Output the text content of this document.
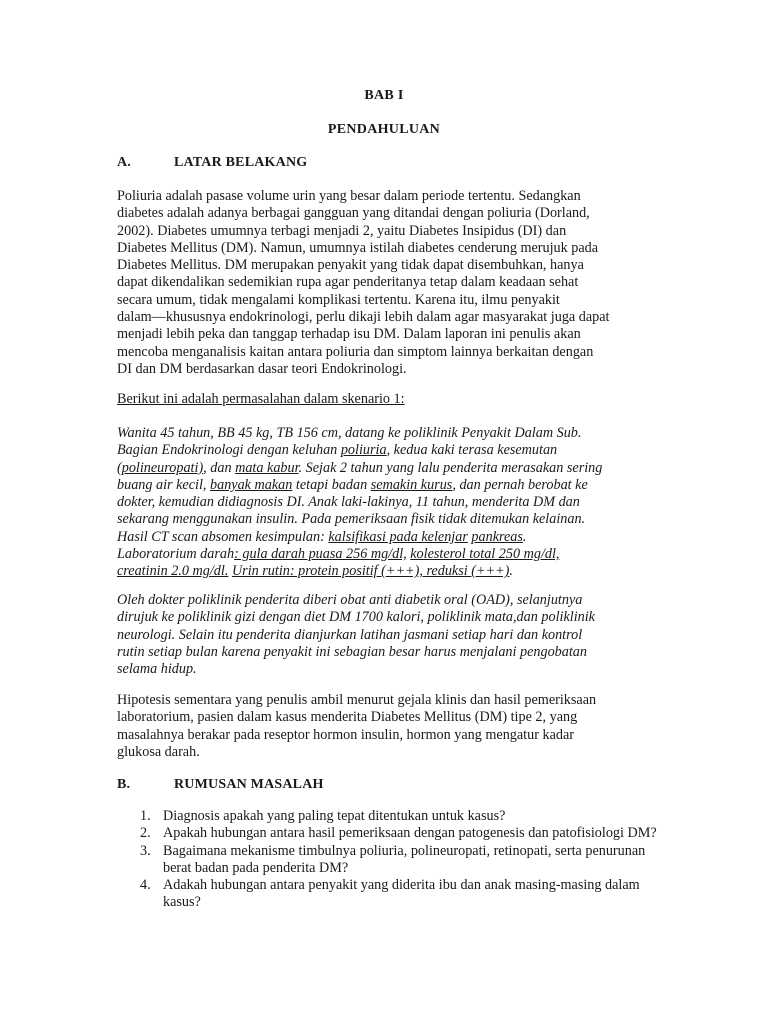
BAB I
PENDAHULUAN
A.	LATAR BELAKANG
Poliuria adalah pasase volume urin yang besar dalam periode tertentu. Sedangkan
diabetes adalah adanya berbagai gangguan yang ditandai dengan poliuria (Dorland,
2002). Diabetes umumnya terbagi menjadi 2, yaitu Diabetes Insipidus (DI) dan
Diabetes Mellitus (DM). Namun, umumnya istilah diabetes cenderung merujuk pada
Diabetes Mellitus. DM merupakan penyakit yang tidak dapat disembuhkan, hanya
dapat dikendalikan sedemikian rupa agar penderitanya tetap dalam keadaan sehat
secara umum, tidak mengalami komplikasi tertentu. Karena itu, ilmu penyakit
dalam—khususnya endokrinologi, perlu dikaji lebih dalam agar masyarakat juga dapat
menjadi lebih peka dan tanggap terhadap isu DM. Dalam laporan ini penulis akan
mencoba menganalisis kaitan antara poliuria dan simptom lainnya berkaitan dengan
DI dan DM berdasarkan dasar teori Endokrinologi.
Berikut ini adalah permasalahan dalam skenario 1:
Wanita 45 tahun, BB 45 kg, TB 156 cm, datang ke poliklinik Penyakit Dalam Sub.
Bagian Endokrinologi dengan keluhan poliuria, kedua kaki terasa kesemutan
(polineuropati), dan mata kabur. Sejak 2 tahun yang lalu penderita merasakan sering
buang air kecil, banyak makan tetapi badan semakin kurus, dan pernah berobat ke
dokter, kemudian didiagnosis DI. Anak laki-lakinya, 11 tahun, menderita DM dan
sekarang menggunakan insulin. Pada pemeriksaan fisik tidak ditemukan kelainan.
Hasil CT scan absomen kesimpulan: kalsifikasi pada kelenjar pankreas.
Laboratorium darah: gula darah puasa 256 mg/dl, kolesterol total 250 mg/dl,
creatinin 2.0 mg/dl. Urin rutin: protein positif (+++), reduksi (+++).
Oleh dokter poliklinik penderita diberi obat anti diabetik oral (OAD), selanjutnya
dirujuk ke poliklinik gizi dengan diet DM 1700 kalori, poliklinik mata,dan poliklinik
neurologi. Selain itu penderita dianjurkan latihan jasmani setiap hari dan kontrol
rutin setiap bulan karena penyakit ini sebagian besar harus menjalani pengobatan
selama hidup.
Hipotesis sementara yang penulis ambil menurut gejala klinis dan hasil pemeriksaan
laboratorium, pasien dalam kasus menderita Diabetes Mellitus (DM) tipe 2, yang
masalahnya berakar pada reseptor hormon insulin, hormon yang mengatur kadar
glukosa darah.
B.	RUMUSAN MASALAH
1. Diagnosis apakah yang paling tepat ditentukan untuk kasus?
2. Apakah hubungan antara hasil pemeriksaan dengan patogenesis dan patofisiologi DM?
3. Bagaimana mekanisme timbulnya poliuria, polineuropati, retinopati, serta penurunan berat badan pada penderita DM?
4. Adakah hubungan antara penyakit yang diderita ibu dan anak masing-masing dalam kasus?
